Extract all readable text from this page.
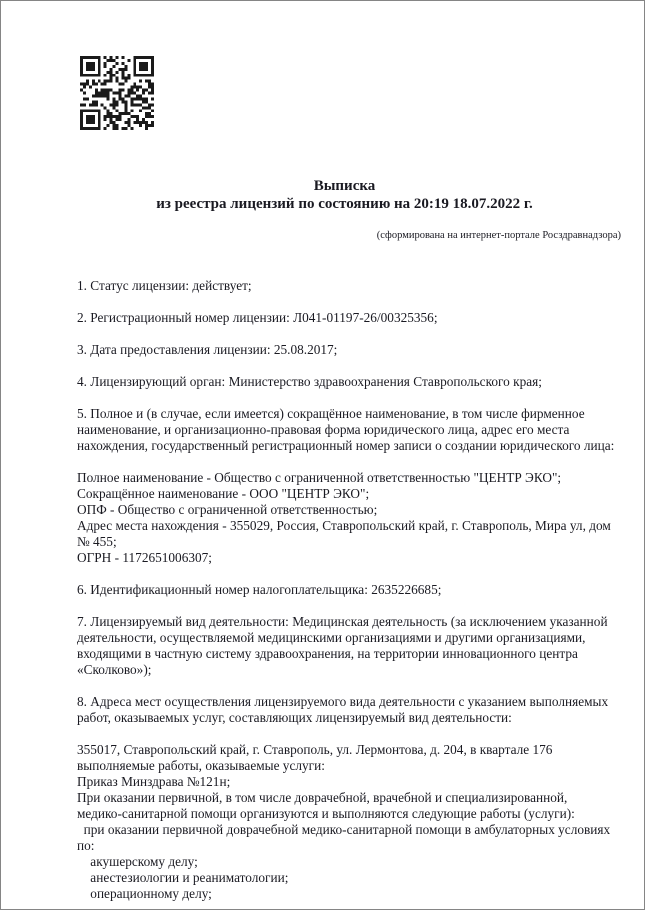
Выписка
из реестра лицензий по состоянию на 20:19 18.07.2022 г.
(сформирована на интернет-портале Росздравнадзора)
1. Статус лицензии: действует;
2. Регистрационный номер лицензии: Л041-01197-26/00325356;
3. Дата предоставления лицензии: 25.08.2017;
4. Лицензирующий орган: Министерство здравоохранения Ставропольского края;
5. Полное и (в случае, если имеется) сокращённое наименование, в том числе фирменное
наименование, и организационно-правовая форма юридического лица, адрес его места
нахождения, государственный регистрационный номер записи о создании юридического лица:
Полное наименование - Общество с ограниченной ответственностью "ЦЕНТР ЭКО";
Сокращённое наименование - ООО "ЦЕНТР ЭКО";
ОПФ - Общество с ограниченной ответственностью;
Адрес места нахождения - 355029, Россия, Ставропольский край, г. Ставрополь, Мира ул, дом
№ 455;
ОГРН - 1172651006307;
6. Идентификационный номер налогоплательщика: 2635226685;
7. Лицензируемый вид деятельности: Медицинская деятельность (за исключением указанной
деятельности, осуществляемой медицинскими организациями и другими организациями,
входящими в частную систему здравоохранения, на территории инновационного центра
«Сколково»);
8. Адреса мест осуществления лицензируемого вида деятельности с указанием выполняемых
работ, оказываемых услуг, составляющих лицензируемый вид деятельности:
355017, Ставропольский край, г. Ставрополь, ул. Лермонтова, д. 204, в квартале 176
выполняемые работы, оказываемые услуги:
Приказ Минздрава №121н;
При оказании первичной, в том числе доврачебной, врачебной и специализированной,
медико-санитарной помощи организуются и выполняются следующие работы (услуги):
при оказании первичной доврачебной медико-санитарной помощи в амбулаторных условиях
по:
акушерскому делу;
анестезиологии и реаниматологии;
операционному делу;
